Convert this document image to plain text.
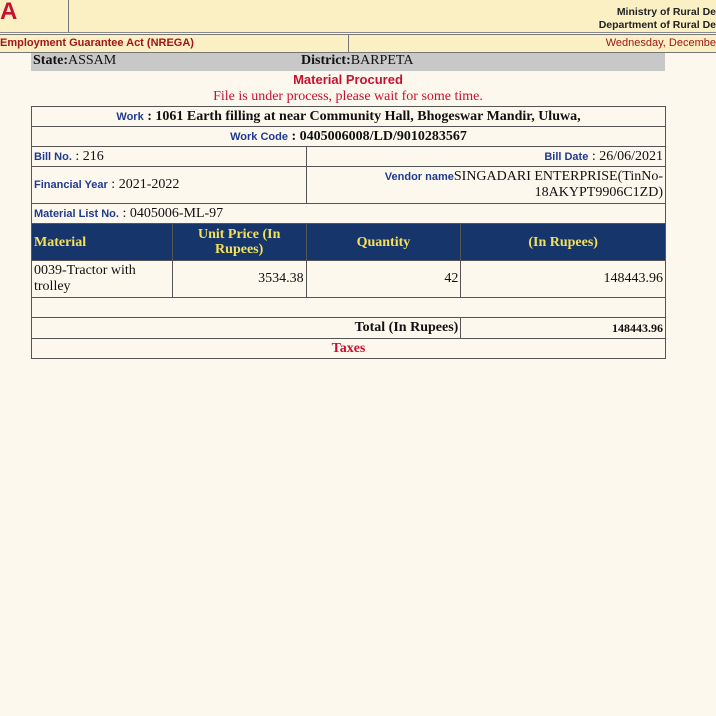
A	Ministry of Rural De
Department of Rural De
Employment Guarantee Act (NREGA)	Wednesday, Decembe
State:ASSAM	District:BARPETA
Material Procured
File is under process, please wait for some time.
Work : 1061 Earth filling at near Community Hall, Bhogeswar Mandir, Uluwa,			
Work Code : 0405006008/LD/9010283567			
Bill No. : 216		Bill Date : 26/06/2021	
Financial Year : 2021-2022		Vendor nameSINGADARI ENTERPRISE(TinNo-18AKYPT9906C1ZD)	
Material List No. : 0405006-ML-97			
Material	Unit Price (In Rupees)	Quantity	(In Rupees)
0039-Tractor with trolley	3534.38	42	148443.96

Total (In Rupees)			148443.96
Taxes			
